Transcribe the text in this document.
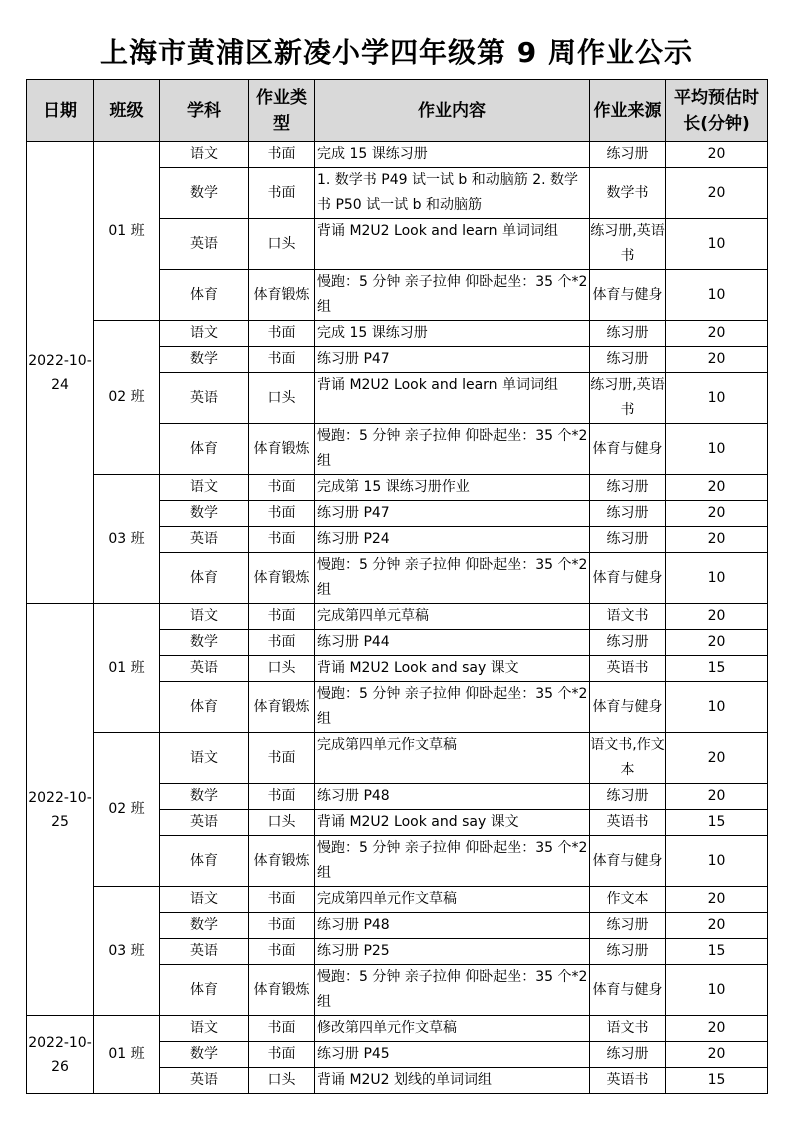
上海市黄浦区新凌小学四年级第 9 周作业公示
日期	班级	学科	作业类型	作业内容	作业来源	平均预估时长(分钟)
2022-10-24	01 班	语文	书面	完成 15 课练习册	练习册	20
		数学	书面	1. 数学书 P49 试一试 b 和动脑筋 2. 数学书 P50 试一试 b 和动脑筋	数学书	20
		英语	口头	背诵 M2U2 Look and learn 单词词组	练习册,英语书	10
		体育	体育锻炼	慢跑：5 分钟 亲子拉伸 仰卧起坐：35 个*2 组	体育与健身	10
	02 班	语文	书面	完成 15 课练习册	练习册	20
		数学	书面	练习册 P47	练习册	20
		英语	口头	背诵 M2U2 Look and learn 单词词组	练习册,英语书	10
		体育	体育锻炼	慢跑：5 分钟 亲子拉伸 仰卧起坐：35 个*2 组	体育与健身	10
	03 班	语文	书面	完成第 15 课练习册作业	练习册	20
		数学	书面	练习册 P47	练习册	20
		英语	书面	练习册 P24	练习册	20
		体育	体育锻炼	慢跑：5 分钟 亲子拉伸 仰卧起坐：35 个*2 组	体育与健身	10
2022-10-25	01 班	语文	书面	完成第四单元草稿	语文书	20
		数学	书面	练习册 P44	练习册	20
		英语	口头	背诵 M2U2 Look and say 课文	英语书	15
		体育	体育锻炼	慢跑：5 分钟 亲子拉伸 仰卧起坐：35 个*2 组	体育与健身	10
	02 班	语文	书面	完成第四单元作文草稿	语文书,作文本	20
		数学	书面	练习册 P48	练习册	20
		英语	口头	背诵 M2U2 Look and say 课文	英语书	15
		体育	体育锻炼	慢跑：5 分钟 亲子拉伸 仰卧起坐：35 个*2 组	体育与健身	10
	03 班	语文	书面	完成第四单元作文草稿	作文本	20
		数学	书面	练习册 P48	练习册	20
		英语	书面	练习册 P25	练习册	15
		体育	体育锻炼	慢跑：5 分钟 亲子拉伸 仰卧起坐：35 个*2 组	体育与健身	10
2022-10-26	01 班	语文	书面	修改第四单元作文草稿	语文书	20
		数学	书面	练习册 P45	练习册	20
		英语	口头	背诵 M2U2 划线的单词词组	英语书	15
